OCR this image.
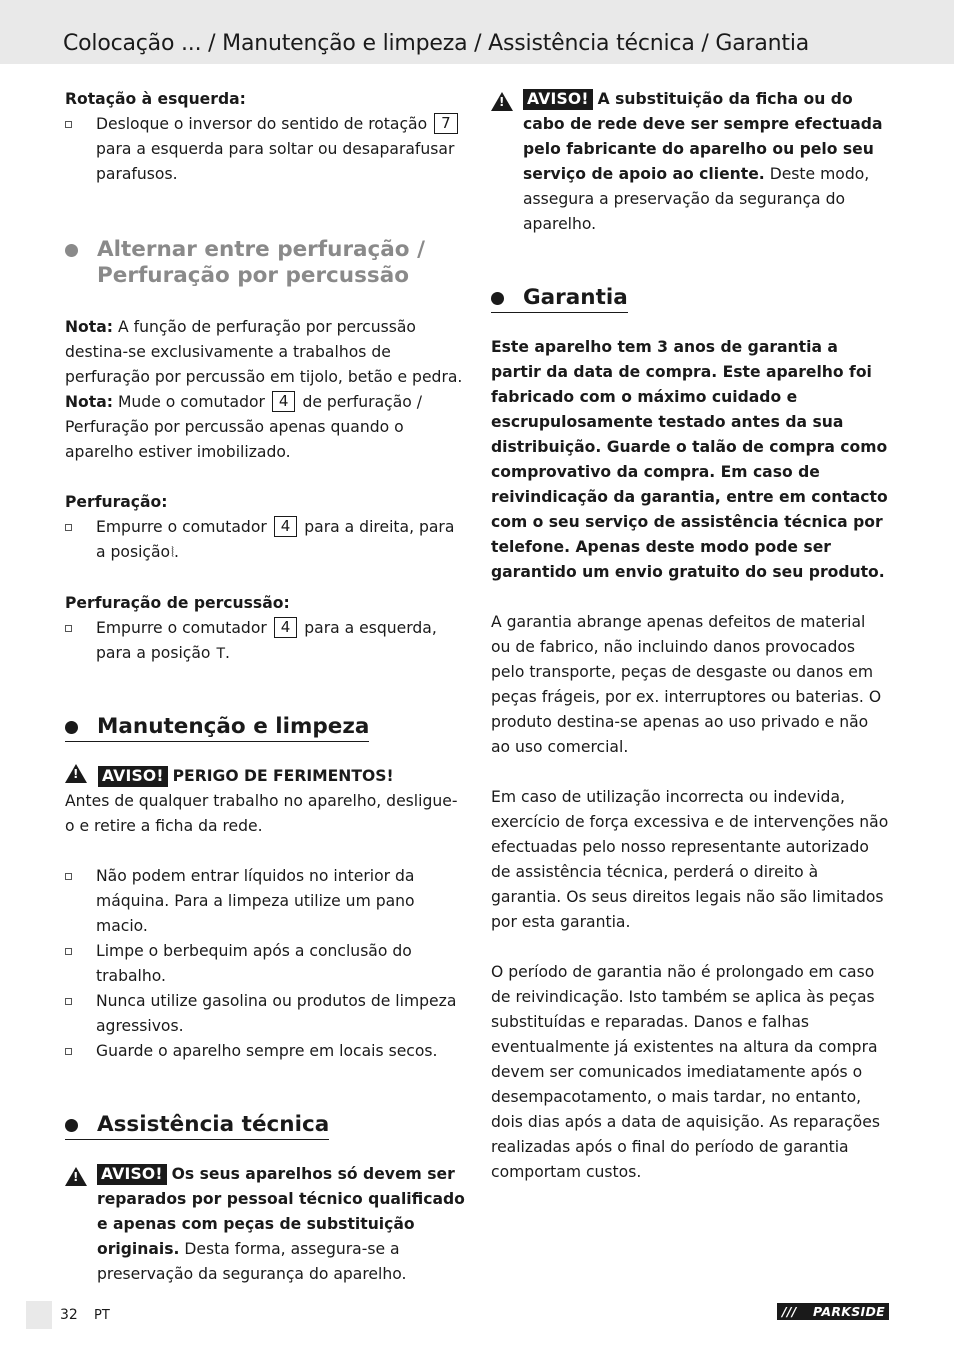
Colocação ... / Manutenção e limpeza / Assistência técnica / Garantia

Rotação à esquerda:

Desloque o inversor do sentido de rotação 7 para a esquerda para soltar ou desaparafusar parafusos.
Alternar entre perfuração /
Perfuração por percussão

Nota: A função de perfuração por percussão destina-se exclusivamente a trabalhos de perfuração por percussão em tijolo, betão e pedra.

Nota: Mude o comutador 4 de perfuração / Perfuração por percussão apenas quando o aparelho estiver imobilizado.

Perfuração:

Empurre o comutador 4 para a direita, para a posição⦚.

Perfuração de percussão:

Empurre o comutador 4 para a esquerda, para a posição T.
Manutenção e limpeza

! AVISO! PERIGO DE FERIMENTOS!

Antes de qualquer trabalho no aparelho, desligue-o e retire a ficha da rede.

Não podem entrar líquidos no interior da máquina. Para a limpeza utilize um pano macio.
Limpe o berbequim após a conclusão do trabalho.
Nunca utilize gasolina ou produtos de limpeza agressivos.
Guarde o aparelho sempre em locais secos.
Assistência técnica
!
AVISO! Os seus aparelhos só devem ser reparados por pessoal técnico qualificado e apenas com peças de substituição originais. Desta forma, assegura-se a preservação da segurança do aparelho.
!
AVISO! A substituição da ficha ou do cabo de rede deve ser sempre efectuada pelo fabricante do aparelho ou pelo seu serviço de apoio ao cliente. Deste modo, assegura a preservação da segurança do aparelho.
Garantia

Este aparelho tem 3 anos de garantia a partir da data de compra. Este aparelho foi fabricado com o máximo cuidado e escrupulosamente testado antes da sua distribuição. Guarde o talão de compra como comprovativo da compra. Em caso de reivindicação da garantia, entre em contacto com o seu serviço de assistência técnica por telefone. Apenas deste modo pode ser garantido um envio gratuito do seu produto.

A garantia abrange apenas defeitos de material ou de fabrico, não incluindo danos provocados pelo transporte, peças de desgaste ou danos em peças frágeis, por ex. interruptores ou baterias. O produto destina-se apenas ao uso privado e não ao uso comercial.

Em caso de utilização incorrecta ou indevida, exercício de força excessiva e de intervenções não efectuadas pelo nosso representante autorizado de assistência técnica, perderá o direito à garantia. Os seus direitos legais não são limitados por esta garantia.

O período de garantia não é prolongado em caso de reivindicação. Isto também se aplica às peças substituídas e reparadas. Danos e falhas eventualmente já existentes na altura da compra devem ser comunicados imediatamente após o desempacotamento, o mais tardar, no entanto, dois dias após a data de aquisição. As reparações realizadas após o final do período de garantia comportam custos.

32 PT	/// PARKSIDE
